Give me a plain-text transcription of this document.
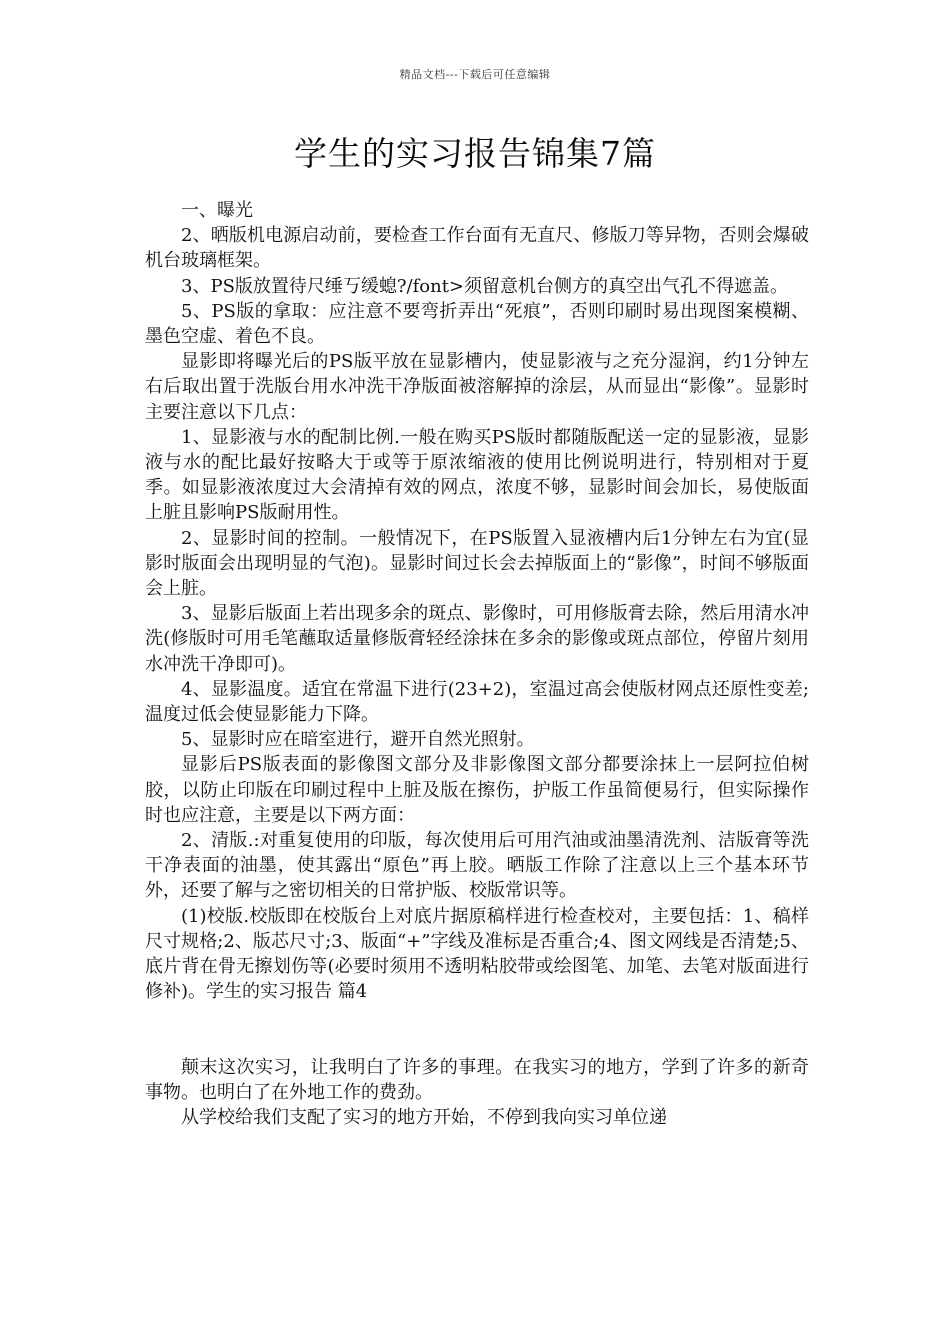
精品文档---下载后可任意编辑
学生的实习报告锦集7篇

一、曝光

2、晒版机电源启动前，要检查工作台面有无直尺、修版刀等异物，否则会爆破机台玻璃框架。

3、PS版放置待尺缍丂缓螅?/font>须留意机台侧方的真空出气孔不得遮盖。

5、PS版的拿取：应注意不要弯折弄出“死痕”，否则印刷时易出现图案模糊、墨色空虚、着色不良。

显影即将曝光后的PS版平放在显影槽内，使显影液与之充分湿润，约1分钟左右后取出置于洗版台用水冲洗干净版面被溶解掉的涂层，从而显出“影像”。显影时主要注意以下几点：

1、显影液与水的配制比例.一般在购买PS版时都随版配送一定的显影液，显影液与水的配比最好按略大于或等于原浓缩液的使用比例说明进行，特别相对于夏季。如显影液浓度过大会清掉有效的网点，浓度不够，显影时间会加长，易使版面上脏且影响PS版耐用性。

2、显影时间的控制。一般情况下，在PS版置入显液槽内后1分钟左右为宜(显影时版面会出现明显的气泡)。显影时间过长会去掉版面上的“影像”，时间不够版面会上脏。

3、显影后版面上若出现多余的斑点、影像时，可用修版膏去除，然后用清水冲洗(修版时可用毛笔蘸取适量修版膏轻经涂抹在多余的影像或斑点部位，停留片刻用水冲洗干净即可)。

4、显影温度。适宜在常温下进行(23+2)，室温过高会使版材网点还原性变差;温度过低会使显影能力下降。

5、显影时应在暗室进行，避开自然光照射。

显影后PS版表面的影像图文部分及非影像图文部分都要涂抹上一层阿拉伯树胶，以防止印版在印刷过程中上脏及版在擦伤，护版工作虽简便易行，但实际操作时也应注意，主要是以下两方面：

2、清版.:对重复使用的印版，每次使用后可用汽油或油墨清洗剂、洁版膏等洗干净表面的油墨，使其露出“原色”再上胶。晒版工作除了注意以上三个基本环节外，还要了解与之密切相关的日常护版、校版常识等。

(1)校版.校版即在校版台上对底片据原稿样进行检查校对，主要包括：1、稿样尺寸规格;2、版芯尺寸;3、版面“+”字线及准标是否重合;4、图文网线是否清楚;5、底片背在骨无擦划伤等(必要时须用不透明粘胶带或绘图笔、加笔、去笔对版面进行修补)。学生的实习报告 篇4

颠末这次实习，让我明白了许多的事理。在我实习的地方，学到了许多的新奇事物。也明白了在外地工作的费劲。

从学校给我们支配了实习的地方开始，不停到我向实习单位递
